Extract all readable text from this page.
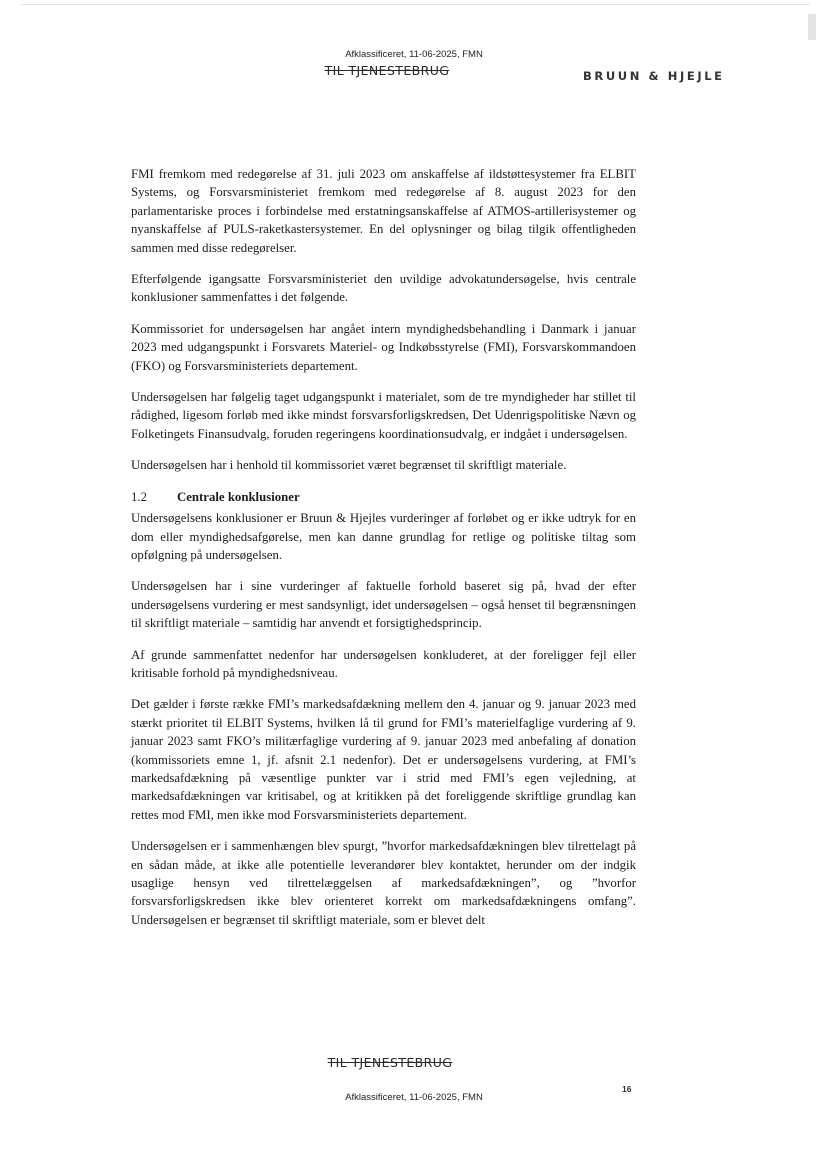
Afklassificeret, 11-06-2025, FMN
TIL TJENESTEBRUG	BRUUN & HJEJLE

FMI fremkom med redegørelse af 31. juli 2023 om anskaffelse af ildstøttesystemer fra ELBIT Systems, og Forsvarsministeriet fremkom med redegørelse af 8. august 2023 for den parlamentariske proces i forbindelse med erstatningsanskaffelse af ATMOS-artillerisystemer og nyanskaffelse af PULS-raketkastersystemer. En del oplysninger og bilag tilgik offentligheden sammen med disse redegørelser.

Efterfølgende igangsatte Forsvarsministeriet den uvildige advokatundersøgelse, hvis centrale konklusioner sammenfattes i det følgende.

Kommissoriet for undersøgelsen har angået intern myndighedsbehandling i Danmark i januar 2023 med udgangspunkt i Forsvarets Materiel- og Indkøbsstyrelse (FMI), Forsvarskommandoen (FKO) og Forsvarsministeriets departement.

Undersøgelsen har følgelig taget udgangspunkt i materialet, som de tre myndigheder har stillet til rådighed, ligesom forløb med ikke mindst forsvarsforligskredsen, Det Udenrigspolitiske Nævn og Folketingets Finansudvalg, foruden regeringens koordinationsudvalg, er indgået i undersøgelsen.

Undersøgelsen har i henhold til kommissoriet været begrænset til skriftligt materiale.

1.2	Centrale konklusioner

Undersøgelsens konklusioner er Bruun & Hjejles vurderinger af forløbet og er ikke udtryk for en dom eller myndighedsafgørelse, men kan danne grundlag for retlige og politiske tiltag som opfølgning på undersøgelsen.

Undersøgelsen har i sine vurderinger af faktuelle forhold baseret sig på, hvad der efter undersøgelsens vurdering er mest sandsynligt, idet undersøgelsen – også henset til begrænsningen til skriftligt materiale – samtidig har anvendt et forsigtighedsprincip.

Af grunde sammenfattet nedenfor har undersøgelsen konkluderet, at der foreligger fejl eller kritisable forhold på myndighedsniveau.

Det gælder i første række FMI’s markedsafdækning mellem den 4. januar og 9. januar 2023 med stærkt prioritet til ELBIT Systems, hvilken lå til grund for FMI’s materielfaglige vurdering af 9. januar 2023 samt FKO’s militærfaglige vurdering af 9. januar 2023 med anbefaling af donation (kommissoriets emne 1, jf. afsnit 2.1 nedenfor). Det er undersøgelsens vurdering, at FMI’s markedsafdækning på væsentlige punkter var i strid med FMI’s egen vejledning, at markedsafdækningen var kritisabel, og at kritikken på det foreliggende skriftlige grundlag kan rettes mod FMI, men ikke mod Forsvarsministeriets departement.

Undersøgelsen er i sammenhængen blev spurgt, ”hvorfor markedsafdækningen blev tilrettelagt på en sådan måde, at ikke alle potentielle leverandører blev kontaktet, herunder om der indgik usaglige hensyn ved tilrettelæggelsen af markedsafdækningen”, og ”hvorfor forsvarsforligskredsen ikke blev orienteret korrekt om markedsafdækningens omfang”. Undersøgelsen er begrænset til skriftligt materiale, som er blevet delt

TIL TJENESTEBRUG
16
Afklassificeret, 11-06-2025, FMN
